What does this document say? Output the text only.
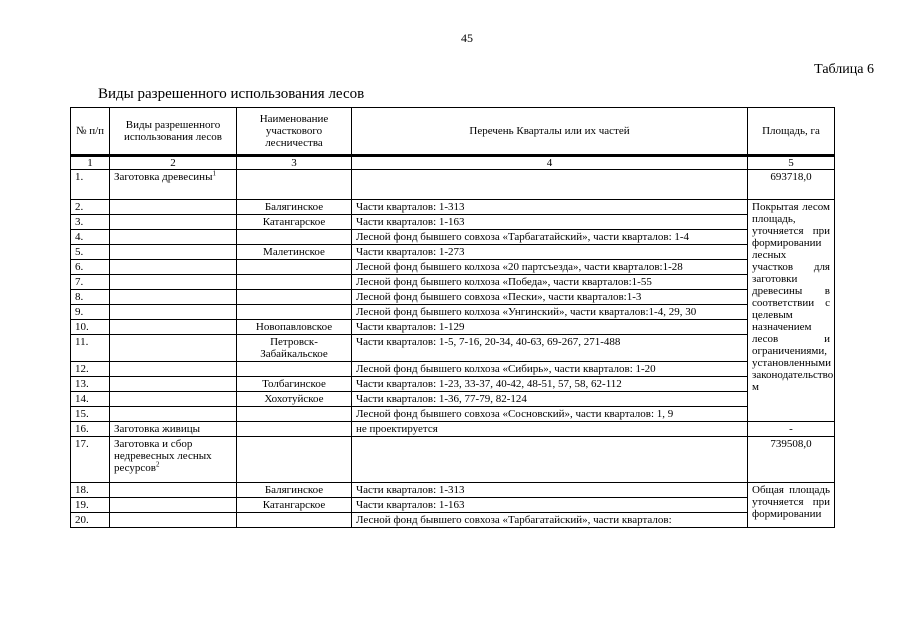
45
Таблица 6
Виды разрешенного использования лесов
№ п/п	Виды разрешенного использования лесов	Наименование участкового лесничества	Перечень Кварталы или их частей	Площадь, га

1	2	3	4	5
1.	Заготовка древесины$^1$			693718,0
2.		Балягинское	Части кварталов: 1-313	Покрытая лесом площадь, уточняется при формировании лесных участков для заготовки древесины в соответствии с целевым назначением лесов и ограничениями, установленными законодательство м
3.		Катангарское	Части кварталов: 1-163	
4.			Лесной фонд бывшего совхоза «Тарбагатайский», части кварталов: 1-4	
5.		Малетинское	Части кварталов: 1-273	
6.			Лесной фонд бывшего колхоза «20 партсъезда», части кварталов:1-28	
7.			Лесной фонд бывшего колхоза «Победа», части кварталов:1-55	
8.			Лесной фонд бывшего совхоза «Пески», части кварталов:1-3	
9.			Лесной фонд бывшего колхоза «Унгинский», части кварталов:1-4, 29, 30	
10.		Новопавловское	Части кварталов: 1-129	
11.		Петровск-Забайкальское	Части кварталов: 1-5, 7-16, 20-34, 40-63, 69-267, 271-488	
12.			Лесной фонд бывшего колхоза «Сибирь», части кварталов: 1-20	
13.		Толбагинское	Части кварталов: 1-23, 33-37, 40-42, 48-51, 57, 58, 62-112	
14.		Хохотуйское	Части кварталов: 1-36, 77-79, 82-124	
15.			Лесной фонд бывшего совхоза «Сосновский», части кварталов: 1, 9	
16.	Заготовка живицы		не проектируется	-
17.	Заготовка и сбор недревесных лесных ресурсов$^2$			739508,0
18.		Балягинское	Части кварталов: 1-313	Общая площадь уточняется при формировании
19.		Катангарское	Части кварталов: 1-163	
20.			Лесной фонд бывшего совхоза «Тарбагатайский», части кварталов:	
